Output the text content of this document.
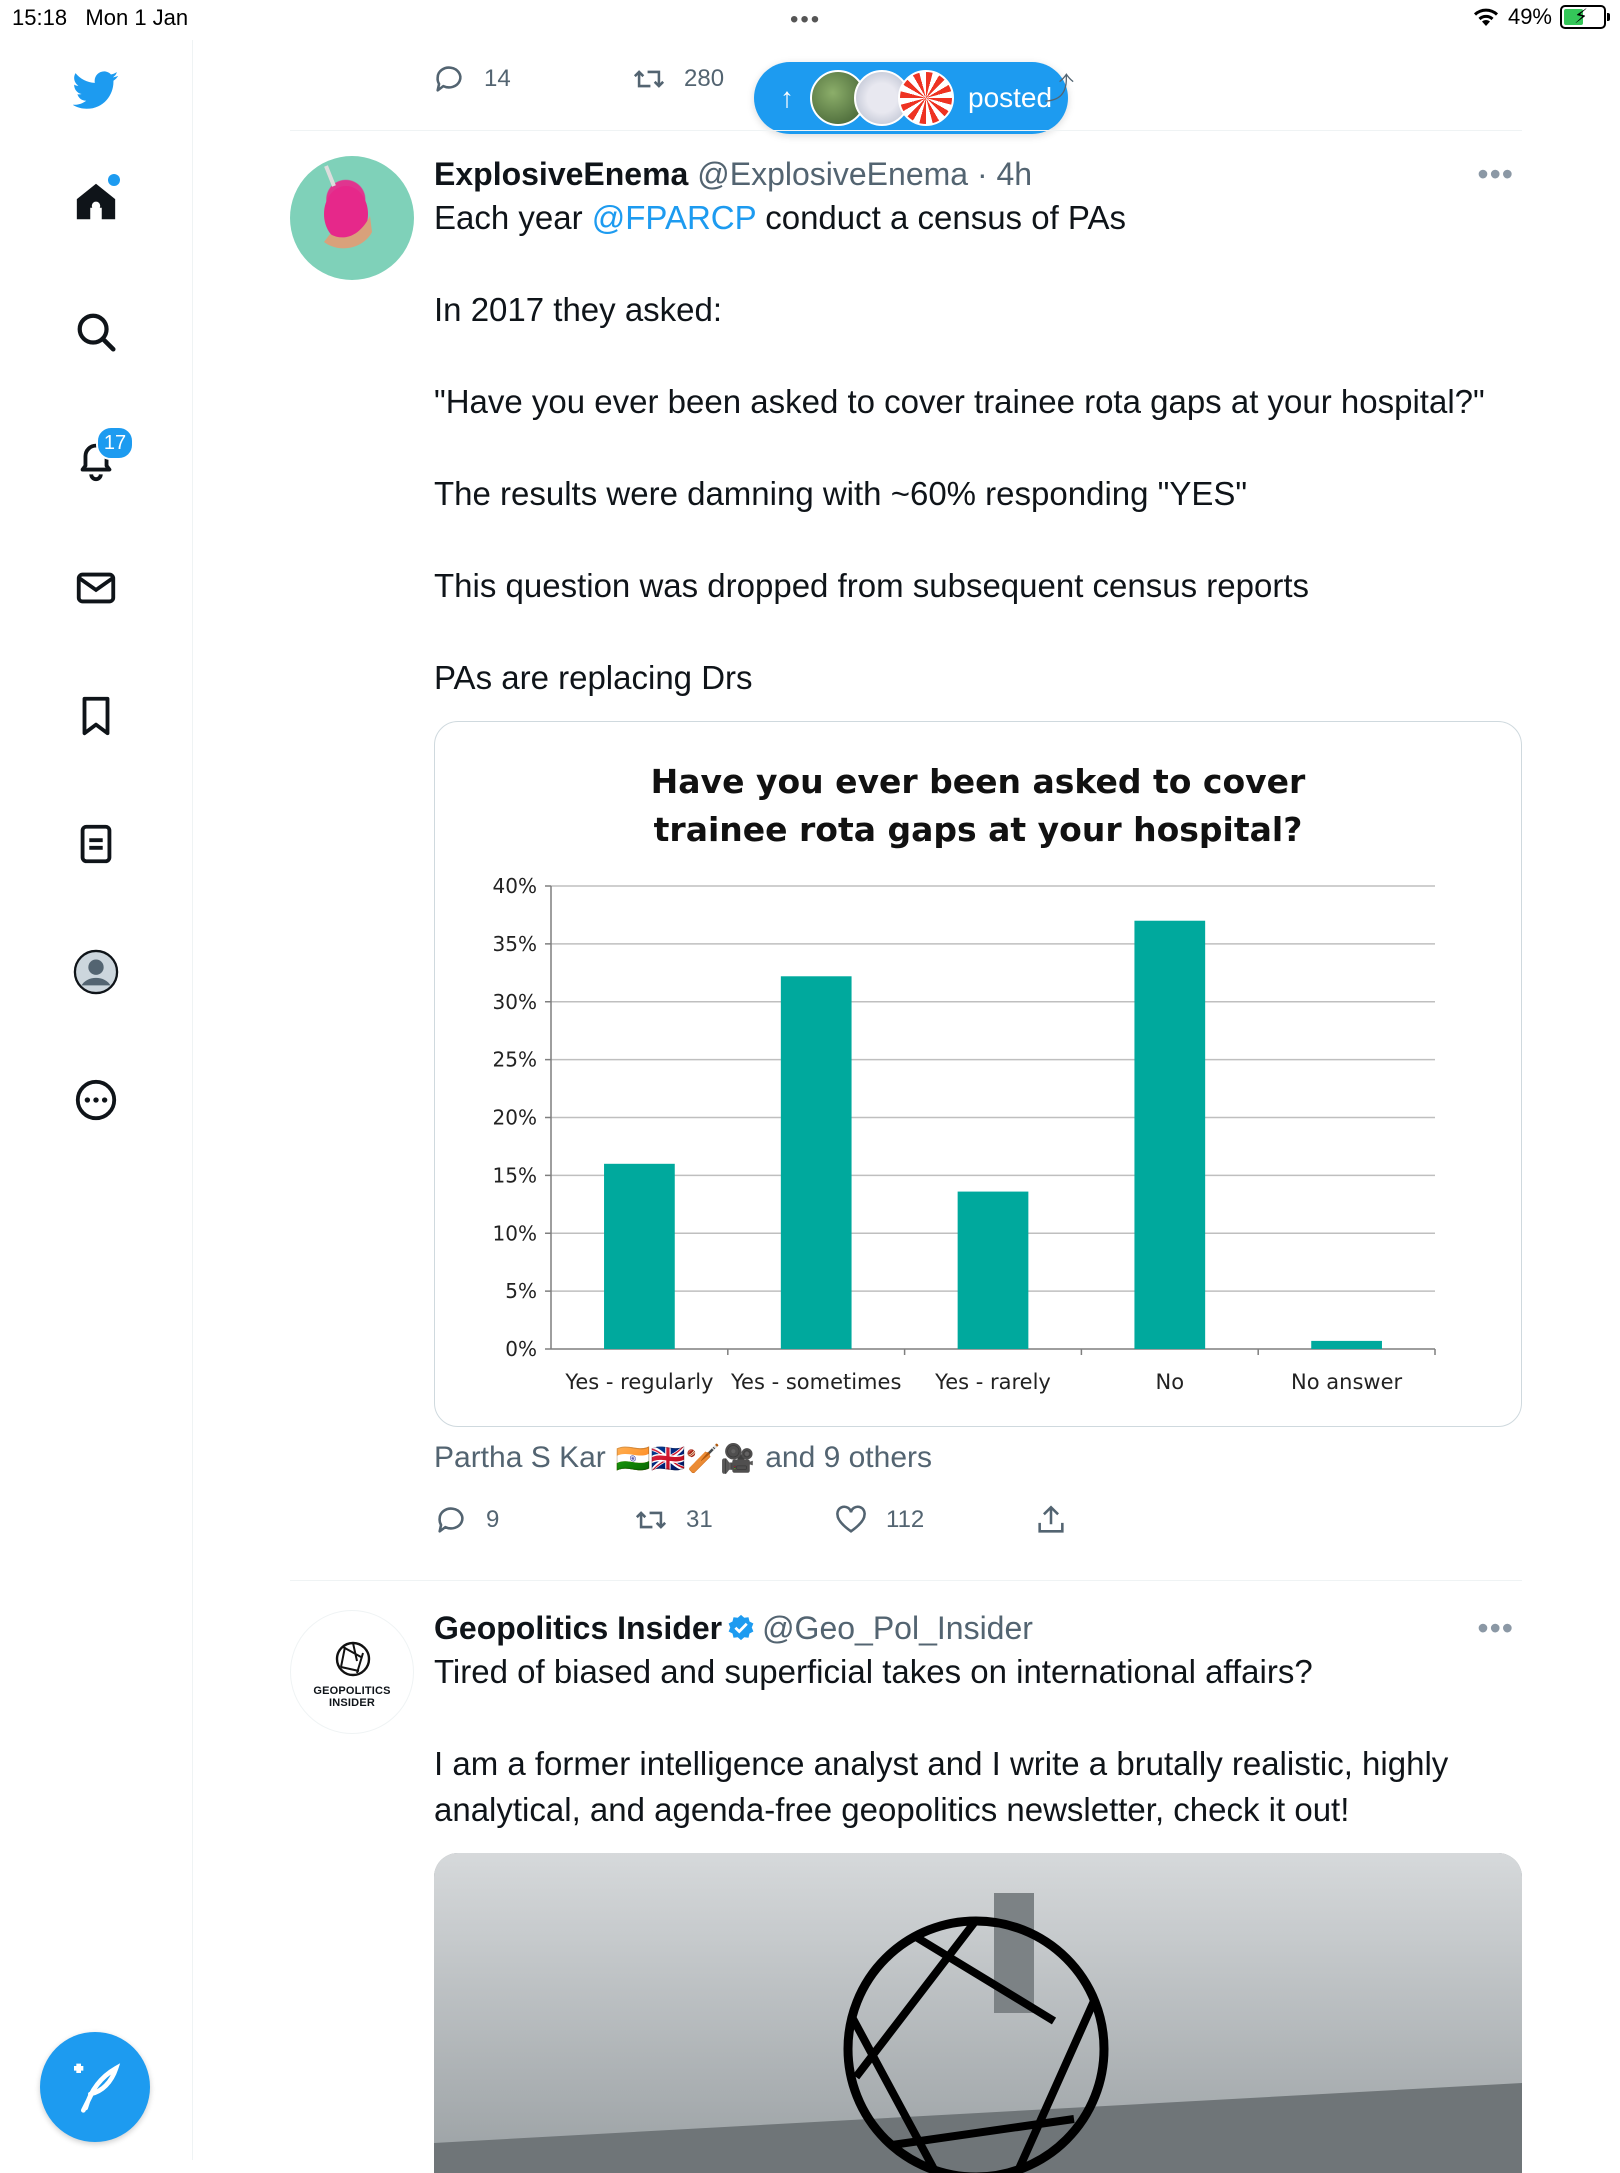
15:18 Mon 1 Jan	•••	49% ⚡
17
14	280
↑	posted
⤴
ExplosiveEnema @ExplosiveEnema · 4h	•••

Each year @FPARCP conduct a census of PAs

In 2017 they asked:

"Have you ever been asked to cover trainee rota gaps at your hospital?"

The results were damning with ~60% responding "YES"

This question was dropped from subsequent census reports

PAs are replacing Drs

Have you ever been asked to cover trainee rota gaps at your hospital?
0%
5%
10%
15%
20%
25%
30%
35%
40%
Yes - regularly Yes - sometimes Yes - rarely	No	No answer
Partha S Kar 🇮🇳🇬🇧🏏🎥 and 9 others
9	31	112
GEOPOLITICS INSIDER
Geopolitics Insider @Geo_Pol_Insider	•••

Tired of biased and superficial takes on international affairs?

I am a former intelligence analyst and I write a brutally realistic, highly analytical, and agenda-free geopolitics newsletter, check it out!
